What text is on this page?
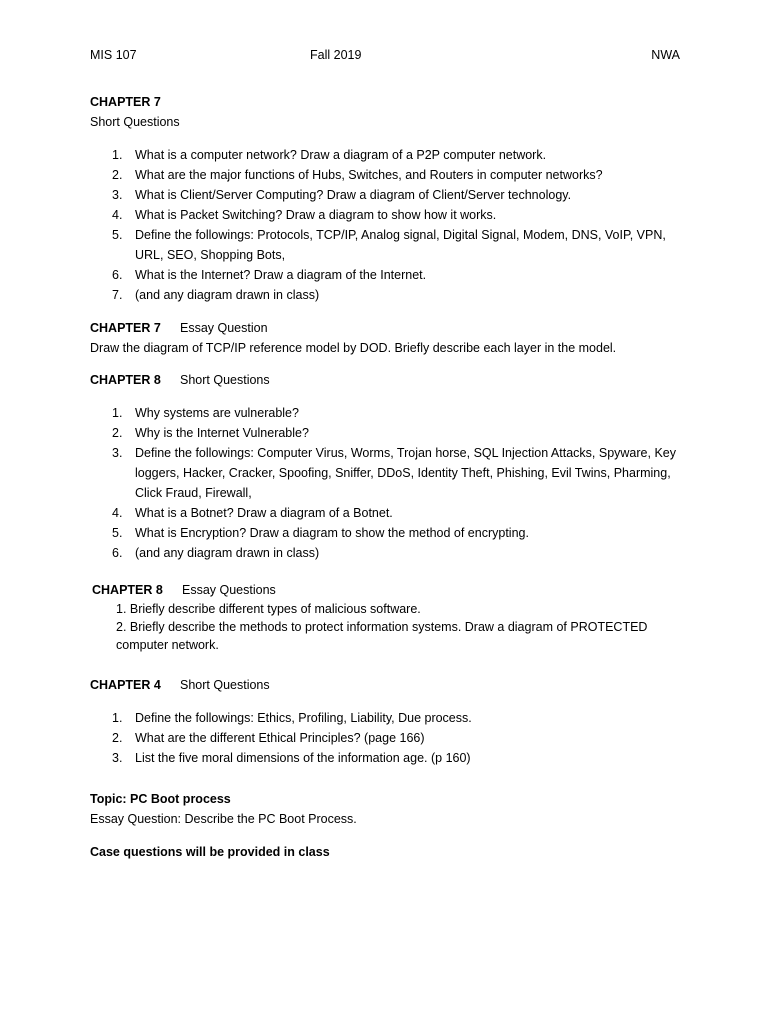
MIS 107	Fall 2019	NWA
CHAPTER 7
Short Questions
1. What is a computer network? Draw a diagram of a P2P computer network.
2. What are the major functions of Hubs, Switches, and Routers in computer networks?
3. What is Client/Server Computing? Draw a diagram of Client/Server technology.
4. What is Packet Switching? Draw a diagram to show how it works.
5. Define the followings: Protocols, TCP/IP, Analog signal, Digital Signal, Modem, DNS, VoIP, VPN, URL, SEO, Shopping Bots,
6. What is the Internet? Draw a diagram of the Internet.
7. (and any diagram drawn in class)
CHAPTER 7 Essay Question
Draw the diagram of TCP/IP reference model by DOD. Briefly describe each layer in the model.
CHAPTER 8 Short Questions
1. Why systems are vulnerable?
2. Why is the Internet Vulnerable?
3. Define the followings: Computer Virus, Worms, Trojan horse, SQL Injection Attacks, Spyware, Key loggers, Hacker, Cracker, Spoofing, Sniffer, DDoS, Identity Theft, Phishing, Evil Twins, Pharming, Click Fraud, Firewall,
4. What is a Botnet? Draw a diagram of a Botnet.
5. What is Encryption? Draw a diagram to show the method of encrypting.
6. (and any diagram drawn in class)
CHAPTER 8 Essay Questions
1. Briefly describe different types of malicious software.
2. Briefly describe the methods to protect information systems. Draw a diagram of PROTECTED computer network.
CHAPTER 4 Short Questions
1. Define the followings: Ethics, Profiling, Liability, Due process.
2. What are the different Ethical Principles? (page 166)
3. List the five moral dimensions of the information age. (p 160)
Topic: PC Boot process
Essay Question: Describe the PC Boot Process.
Case questions will be provided in class
